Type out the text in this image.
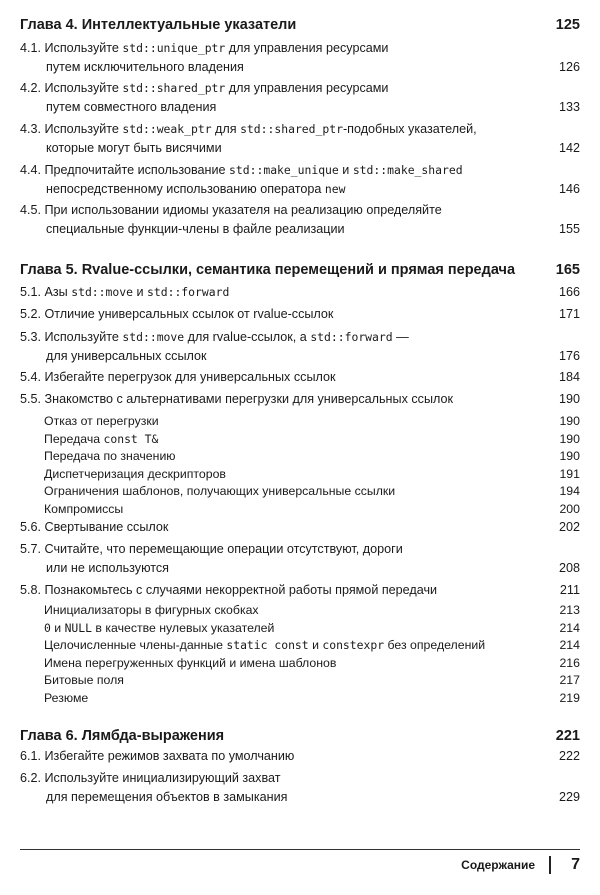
Глава 4. Интеллектуальные указатели	125
4.1. Используйте std::unique_ptr для управления ресурсами
путем исключительного владения	126
4.2. Используйте std::shared_ptr для управления ресурсами
путем совместного владения	133
4.3. Используйте std::weak_ptr для std::shared_ptr-подобных указателей,
которые могут быть висячими	142
4.4. Предпочитайте использование std::make_unique и std::make_shared
непосредственному использованию оператора new	146
4.5. При использовании идиомы указателя на реализацию определяйте
специальные функции-члены в файле реализации	155
Глава 5. Rvalue-ссылки, семантика перемещений и прямая передача	165
5.1. Азы std::move и std::forward	166
5.2. Отличие универсальных ссылок от rvalue-ссылок	171
5.3. Используйте std::move для rvalue-ссылок, а std::forward —
для универсальных ссылок	176
5.4. Избегайте перегрузок для универсальных ссылок	184
5.5. Знакомство с альтернативами перегрузки для универсальных ссылок	190
Отказ от перегрузки	190
Передача const T&	190
Передача по значению	190
Диспетчеризация дескрипторов	191
Ограничения шаблонов, получающих универсальные ссылки	194
Компромиссы	200
5.6. Свертывание ссылок	202
5.7. Считайте, что перемещающие операции отсутствуют, дороги
или не используются	208
5.8. Познакомьтесь с случаями некорректной работы прямой передачи	211
Инициализаторы в фигурных скобках	213
0 и NULL в качестве нулевых указателей	214
Целочисленные члены-данные static const и constexpr без определений	214
Имена перегруженных функций и имена шаблонов	216
Битовые поля	217
Резюме	219
Глава 6. Лямбда-выражения	221
6.1. Избегайте режимов захвата по умолчанию	222
6.2. Используйте инициализирующий захват
для перемещения объектов в замыкания	229
Содержание 7
